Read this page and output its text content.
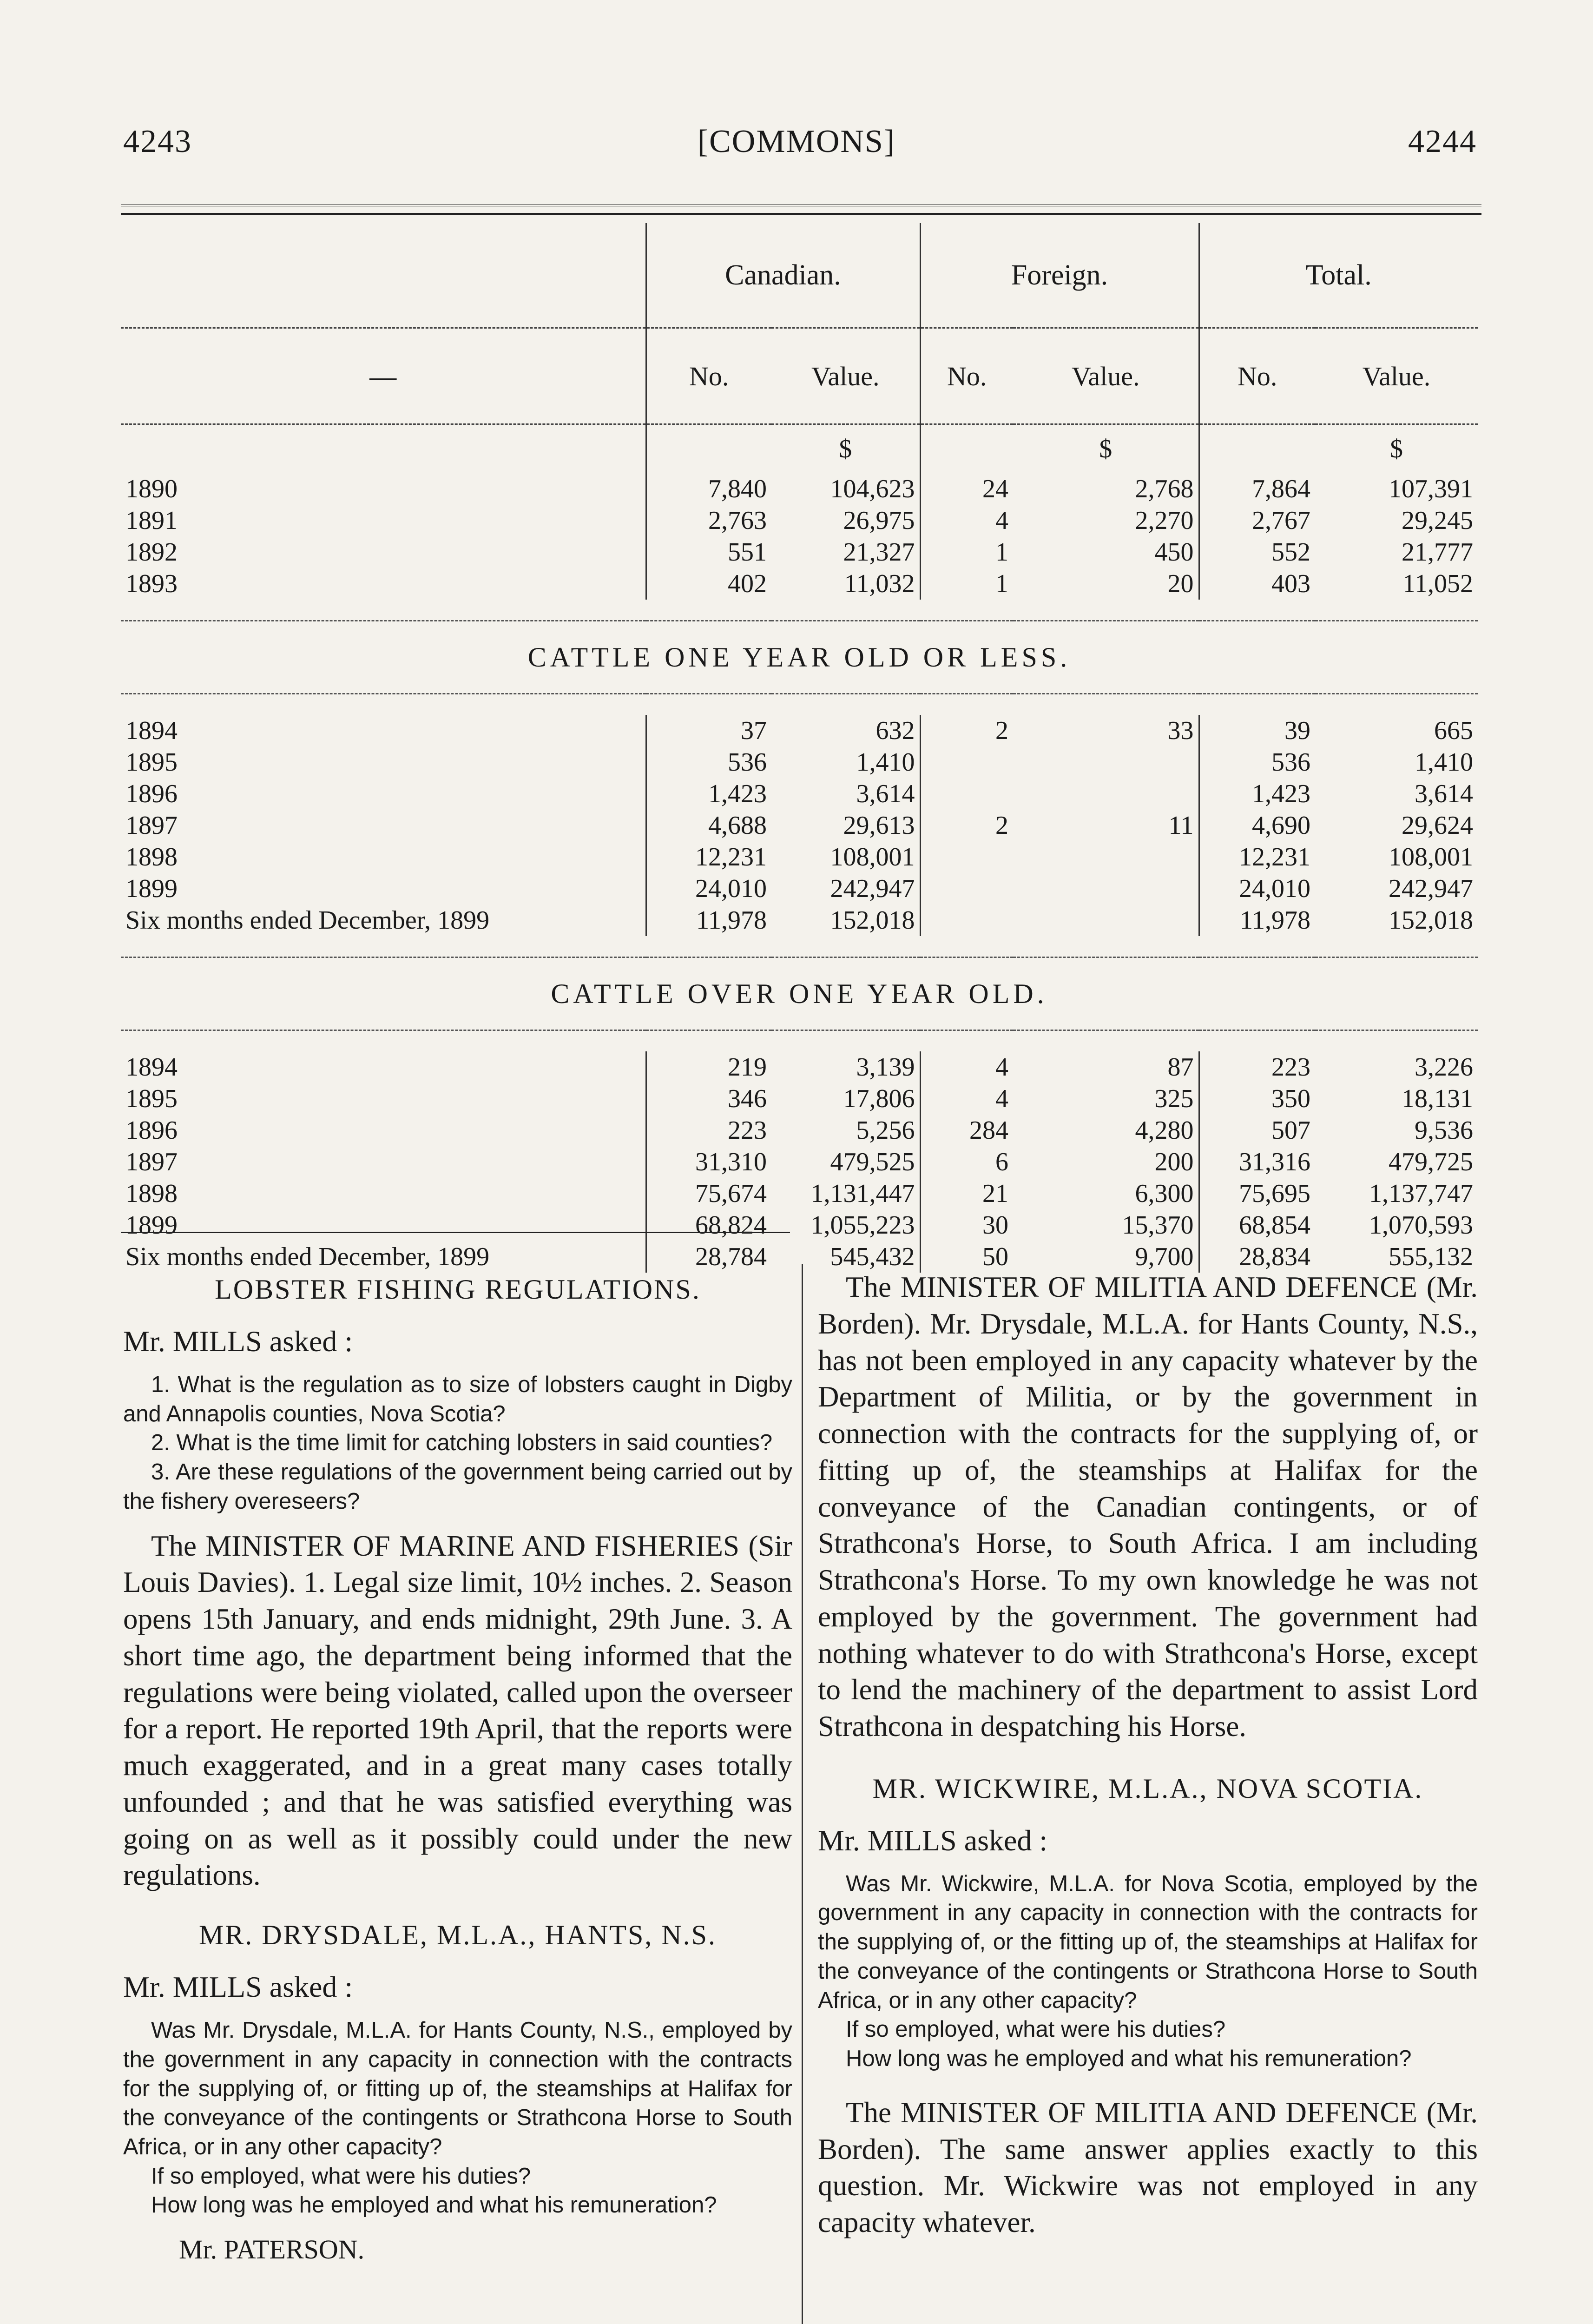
4243	[COMMONS]	4244
	Canadian.		Foreign.		Total.	
—	No.	Value.	No.	Value.	No.	Value.
		$		$		$
1890	7,840	104,623	24	2,768	7,864	107,391
1891	2,763	26,975	4	2,270	2,767	29,245
1892	551	21,327	1	450	552	21,777
1893	402	11,032	1	20	403	11,052

CATTLE ONE YEAR OLD OR LESS.						

1894	37	632	2	33	39	665
1895	536	1,410			536	1,410
1896	1,423	3,614			1,423	3,614
1897	4,688	29,613	2	11	4,690	29,624
1898	12,231	108,001			12,231	108,001
1899	24,010	242,947			24,010	242,947
Six months ended December, 1899	11,978	152,018			11,978	152,018

CATTLE OVER ONE YEAR OLD.						

1894	219	3,139	4	87	223	3,226
1895	346	17,806	4	325	350	18,131
1896	223	5,256	284	4,280	507	9,536
1897	31,310	479,525	6	200	31,316	479,725
1898	75,674	1,131,447	21	6,300	75,695	1,137,747
1899	68,824	1,055,223	30	15,370	68,854	1,070,593
Six months ended December, 1899	28,784	545,432	50	9,700	28,834	555,132
LOBSTER FISHING REGULATIONS.
Mr. MILLS asked :

1. What is the regulation as to size of lobsters caught in Digby and Annapolis counties, Nova Scotia?

2. What is the time limit for catching lobsters in said counties?

3. Are these regulations of the government being carried out by the fishery overeseers?

The MINISTER OF MARINE AND FISHERIES (Sir Louis Davies). 1. Legal size limit, 10½ inches. 2. Season opens 15th January, and ends midnight, 29th June. 3. A short time ago, the department being informed that the regulations were being violated, called upon the overseer for a report. He reported 19th April, that the reports were much exaggerated, and in a great many cases totally unfounded ; and that he was satisfied everything was going on as well as it possibly could under the new regulations.

MR. DRYSDALE, M.L.A., HANTS, N.S.
Mr. MILLS asked :

Was Mr. Drysdale, M.L.A. for Hants County, N.S., employed by the government in any capacity in connection with the contracts for the supplying of, or fitting up of, the steamships at Halifax for the conveyance of the contingents or Strathcona Horse to South Africa, or in any other capacity?

If so employed, what were his duties?

How long was he employed and what his remuneration?

Mr. PATERSON.

The MINISTER OF MILITIA AND DEFENCE (Mr. Borden). Mr. Drysdale, M.L.A. for Hants County, N.S., has not been employed in any capacity whatever by the Department of Militia, or by the government in connection with the contracts for the supplying of, or fitting up of, the steamships at Halifax for the conveyance of the Canadian contingents, or of Strathcona's Horse, to South Africa. I am including Strathcona's Horse. To my own knowledge he was not employed by the government. The government had nothing whatever to do with Strathcona's Horse, except to lend the machinery of the department to assist Lord Strathcona in despatching his Horse.

MR. WICKWIRE, M.L.A., NOVA SCOTIA.
Mr. MILLS asked :

Was Mr. Wickwire, M.L.A. for Nova Scotia, employed by the government in any capacity in connection with the contracts for the supplying of, or the fitting up of, the steamships at Halifax for the conveyance of the contingents or Strathcona Horse to South Africa, or in any other capacity?

If so employed, what were his duties?

How long was he employed and what his remuneration?

The MINISTER OF MILITIA AND DEFENCE (Mr. Borden). The same answer applies exactly to this question. Mr. Wickwire was not employed in any capacity whatever.
